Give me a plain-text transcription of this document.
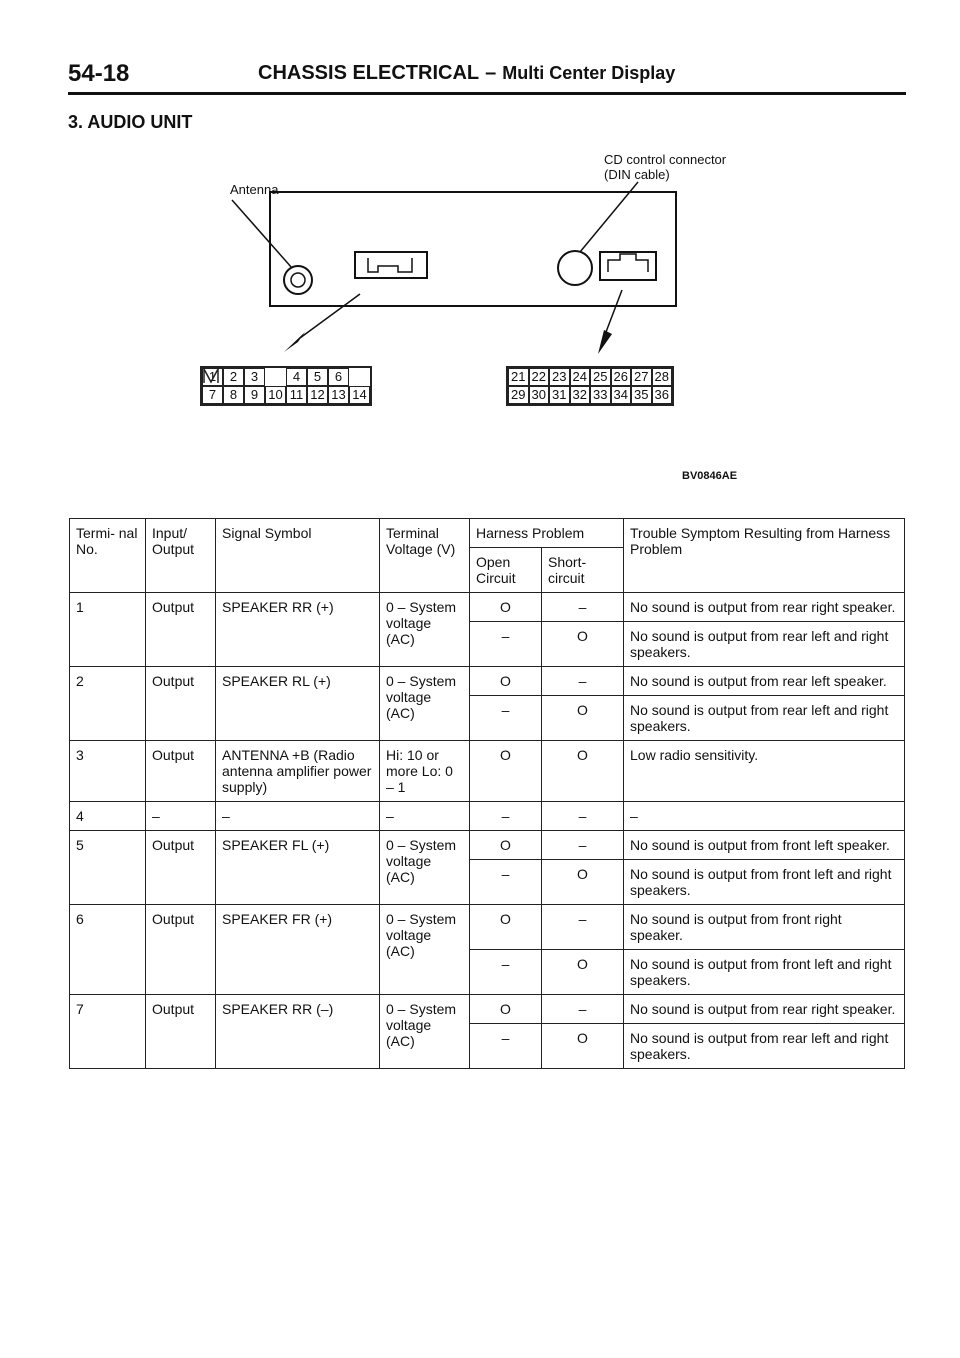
54-18	CHASSIS ELECTRICAL – Multi Center Display
3. AUDIO UNIT
Antenna
CD control connector
(DIN cable)
1	2	3	4	5	6
7	8	9 10 11 12 13 14
21 22 23 24 25 26 27 28
29 30 31 32 33 34 35 36
BV0846AE
Termi- nal No.	Input/ Output	Signal Symbol	Terminal Voltage (V)	Harness Problem		Trouble Symptom Resulting from Harness Problem
				Open Circuit	Short- circuit	
1	Output	SPEAKER RR (+)	0 – System voltage (AC)	O	–	No sound is output from rear right speaker.
				–	O	No sound is output from rear left and right speakers.
2	Output	SPEAKER RL (+)	0 – System voltage (AC)	O	–	No sound is output from rear left speaker.
				–	O	No sound is output from rear left and right speakers.
3	Output	ANTENNA +B (Radio antenna amplifier power supply)	Hi: 10 or more Lo: 0 – 1	O	O	Low radio sensitivity.
4	–	–	–	–	–	–
5	Output	SPEAKER FL (+)	0 – System voltage (AC)	O	–	No sound is output from front left speaker.
				–	O	No sound is output from front left and right speakers.
6	Output	SPEAKER FR (+)	0 – System voltage (AC)	O	–	No sound is output from front right speaker.
				–	O	No sound is output from front left and right speakers.
7	Output	SPEAKER RR (–)	0 – System voltage (AC)	O	–	No sound is output from rear right speaker.
				–	O	No sound is output from rear left and right speakers.
